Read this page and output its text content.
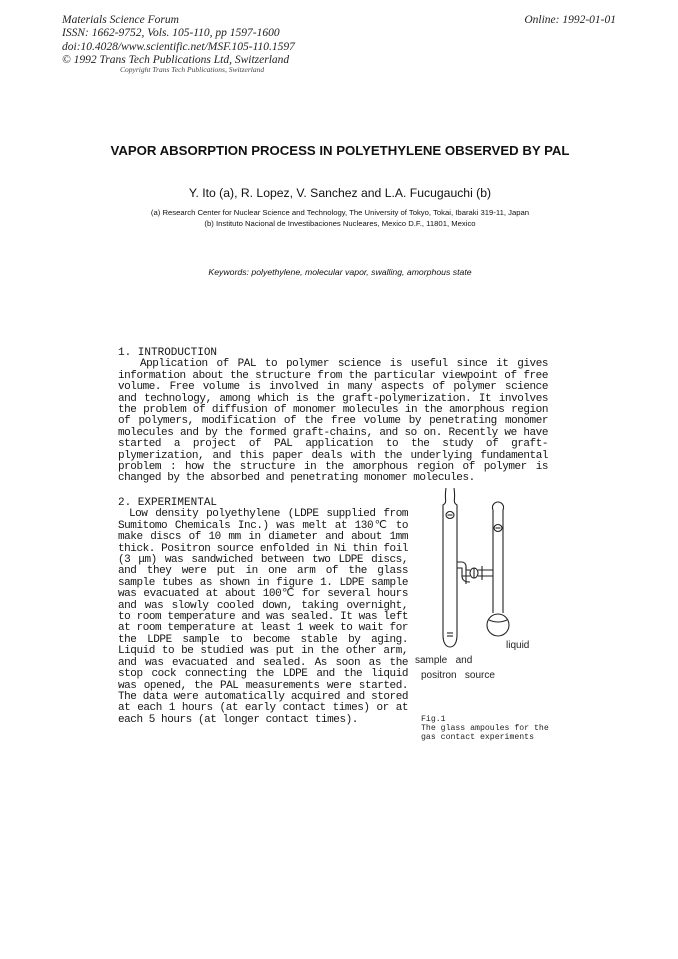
Materials Science Forum
ISSN: 1662-9752, Vols. 105-110, pp 1597-1600
doi:10.4028/www.scientific.net/MSF.105-110.1597
© 1992 Trans Tech Publications Ltd, Switzerland
Copyright Trans Tech Publications, Switzerland
Online: 1992-01-01
VAPOR ABSORPTION PROCESS IN POLYETHYLENE OBSERVED BY PAL
Y. Ito (a), R. Lopez, V. Sanchez and L.A. Fucugauchi (b)
(a) Research Center for Nuclear Science and Technology, The University of Tokyo, Tokai, Ibaraki 319-11, Japan
(b) Instituto Nacional de Investibaciones Nucleares, Mexico D.F., 11801, Mexico
Keywords: polyethylene, molecular vapor, swalling, amorphous state
1. INTRODUCTION

Application of PAL to polymer science is useful since it gives information about the structure from the particular viewpoint of free volume. Free volume is involved in many aspects of polymer science and technology, among which is the graft-polymerization. It involves the problem of diffusion of monomer molecules in the amorphous region of polymers, modification of the free volume by penetrating monomer molecules and by the formed graft-chains, and so on. Recently we have started a project of PAL application to the study of graft-plymerization, and this paper deals with the underlying fundamental problem : how the structure in the amorphous region of polymer is changed by the absorbed and penetrating monomer molecules.

2. EXPERIMENTAL

Low density polyethylene (LDPE supplied from Sumitomo Chemicals Inc.) was melt at 130℃ to make discs of 10 mm in diameter and about 1mm thick. Positron source enfolded in Ni thin foil (3 μm) was sandwiched between two LDPE discs, and they were put in one arm of the glass sample tubes as shown in figure 1. LDPE sample was evacuated at about 100℃ for several hours and was slowly cooled down, taking overnight, to room temperature and was sealed. It was left at room temperature at least 1 week to wait for the LDPE sample to become stable by aging. Liquid to be studied was put in the other arm, and was evacuated and sealed. As soon as the stop cock connecting the LDPE and the liquid was opened, the PAL measurements were started. The data were automatically acquired and stored at each 1 hours (at early contact times) or at each 5 hours (at longer contact times).

liquid
sample   and
positron   source
Fig.1
The glass ampoules for the gas contact experiments
